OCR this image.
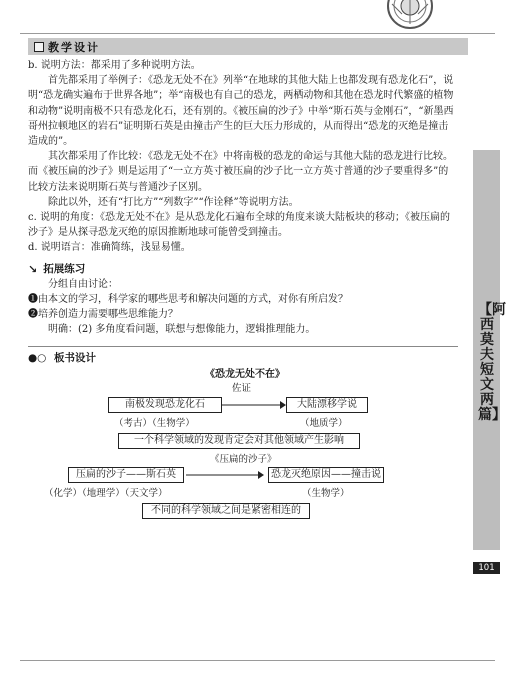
教学设计

b. 说明方法：都采用了多种说明方法。

首先都采用了举例子：《恐龙无处不在》列举“在地球的其他大陆上也都发现有恐龙化石”，说明“恐龙确实遍布于世界各地”；举“南极也有自己的恐龙，两栖动物和其他在恐龙时代繁盛的植物和动物”说明南极不只有恐龙化石，还有别的。《被压扁的沙子》中举“斯石英与金刚石”，“新墨西哥州拉顿地区的岩石”证明斯石英是由撞击产生的巨大压力形成的，从而得出“恐龙的灭绝是撞击造成的”。

其次都采用了作比较：《恐龙无处不在》中将南极的恐龙的命运与其他大陆的恐龙进行比较。而《被压扁的沙子》则是运用了“一立方英寸被压扁的沙子比一立方英寸普通的沙子要重得多”的比较方法来说明斯石英与普通沙子区别。

除此以外，还有“打比方”“列数字”“作诠释”等说明方法。

c. 说明的角度：《恐龙无处不在》是从恐龙化石遍布全球的角度来谈大陆板块的移动；《被压扁的沙子》是从探寻恐龙灭绝的原因推断地球可能曾受到撞击。

d. 说明语言：准确简练，浅显易懂。

↘ 拓展练习

分组自由讨论：

❶由本文的学习，科学家的哪些思考和解决问题的方式，对你有所启发？

❷培养创造力需要哪些思维能力？

明确：(2) 多角度看问题，联想与想像能力，逻辑推理能力。

●○ 板书设计
《恐龙无处不在》
佐证
南极发现恐龙化石
（考古）（生物学）
大陆漂移学说
（地质学）
一个科学领域的发现肯定会对其他领域产生影响
《压扁的沙子》
压扁的沙子——斯石英
（化学）（地理学）（天文学）
恐龙灭绝原因——撞击说
（生物学）
不同的科学领域之间是紧密相连的
【阿西莫夫短文两篇】
101
